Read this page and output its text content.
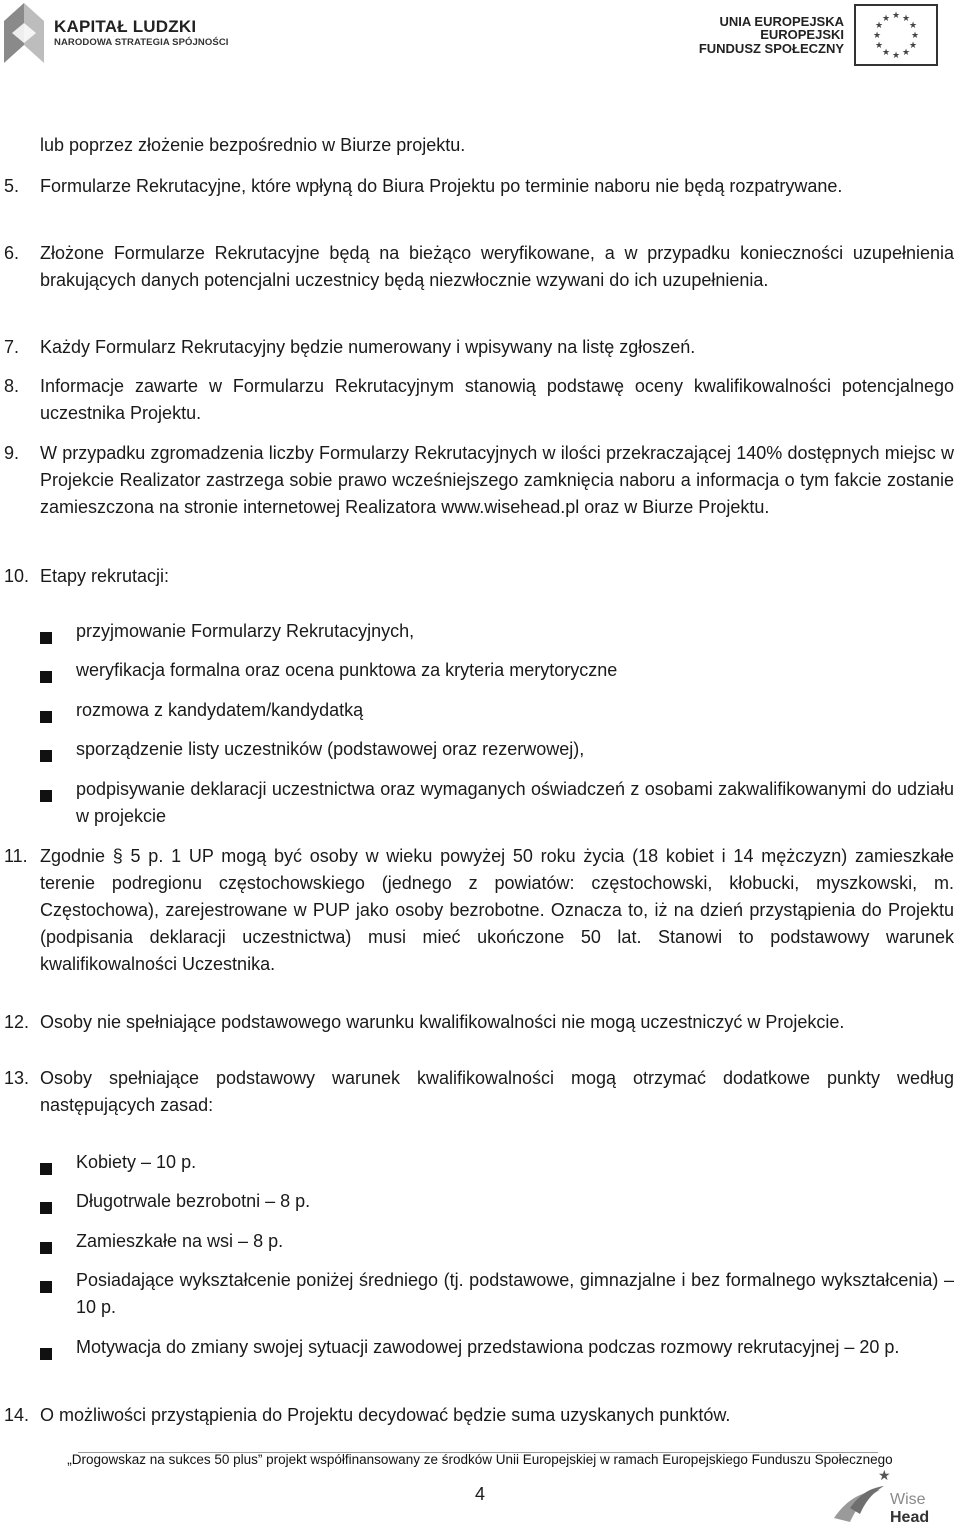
KAPITAŁ LUDZKI
NARODOWA STRATEGIA SPÓJNOŚCI
UNIA EUROPEJSKA
EUROPEJSKI
FUNDUSZ SPOŁECZNY
★ ★
★
★
★
★
★
★
★
★
★
★
lub poprzez złożenie bezpośrednio w Biurze projektu.
5.	Formularze Rekrutacyjne, które wpłyną do Biura Projektu po terminie naboru nie będą rozpatrywane.
6.	Złożone Formularze Rekrutacyjne będą na bieżąco weryfikowane, a w przypadku konieczności uzupełnienia brakujących danych potencjalni uczestnicy będą niezwłocznie wzywani do ich uzupełnienia.
7.	Każdy Formularz Rekrutacyjny będzie numerowany i wpisywany na listę zgłoszeń.
8.	Informacje zawarte w Formularzu Rekrutacyjnym stanowią podstawę oceny kwalifikowalności potencjalnego uczestnika Projektu.
9.	W przypadku zgromadzenia liczby Formularzy Rekrutacyjnych w ilości przekraczającej 140% dostępnych miejsc w Projekcie Realizator zastrzega sobie prawo wcześniejszego zamknięcia naboru a informacja o tym fakcie zostanie zamieszczona na stronie internetowej Realizatora www.wisehead.pl oraz w Biurze Projektu.
10. Etapy rekrutacji:
przyjmowanie Formularzy Rekrutacyjnych,
weryfikacja formalna oraz ocena punktowa za kryteria merytoryczne
rozmowa z kandydatem/kandydatką
sporządzenie listy uczestników (podstawowej oraz rezerwowej),
podpisywanie deklaracji uczestnictwa oraz wymaganych oświadczeń z osobami zakwalifikowanymi do udziału w projekcie
11. Zgodnie § 5 p. 1 UP mogą być osoby w wieku powyżej 50 roku życia (18 kobiet i 14 mężczyzn) zamieszkałe terenie podregionu częstochowskiego (jednego z powiatów: częstochowski, kłobucki, myszkowski, m. Częstochowa), zarejestrowane w PUP jako osoby bezrobotne. Oznacza to, iż na dzień przystąpienia do Projektu (podpisania deklaracji uczestnictwa) musi mieć ukończone 50 lat. Stanowi to podstawowy warunek kwalifikowalności Uczestnika.
12. Osoby nie spełniające podstawowego warunku kwalifikowalności nie mogą uczestniczyć w Projekcie.
13. Osoby spełniające podstawowy warunek kwalifikowalności mogą otrzymać dodatkowe punkty według następujących zasad:
Kobiety – 10 p.
Długotrwale bezrobotni – 8 p.
Zamieszkałe na wsi – 8 p.
Posiadające wykształcenie poniżej średniego (tj. podstawowe, gimnazjalne i bez formalnego wykształcenia) – 10 p.
Motywacja do zmiany swojej sytuacji zawodowej przedstawiona podczas rozmowy rekrutacyjnej – 20 p.
14. O możliwości przystąpienia do Projektu decydować będzie suma uzyskanych punktów.
„Drogowskaz na sukces 50 plus” projekt współfinansowany ze środków Unii Europejskiej w ramach Europejskiego Funduszu Społecznego
4
★
Wise
Head
